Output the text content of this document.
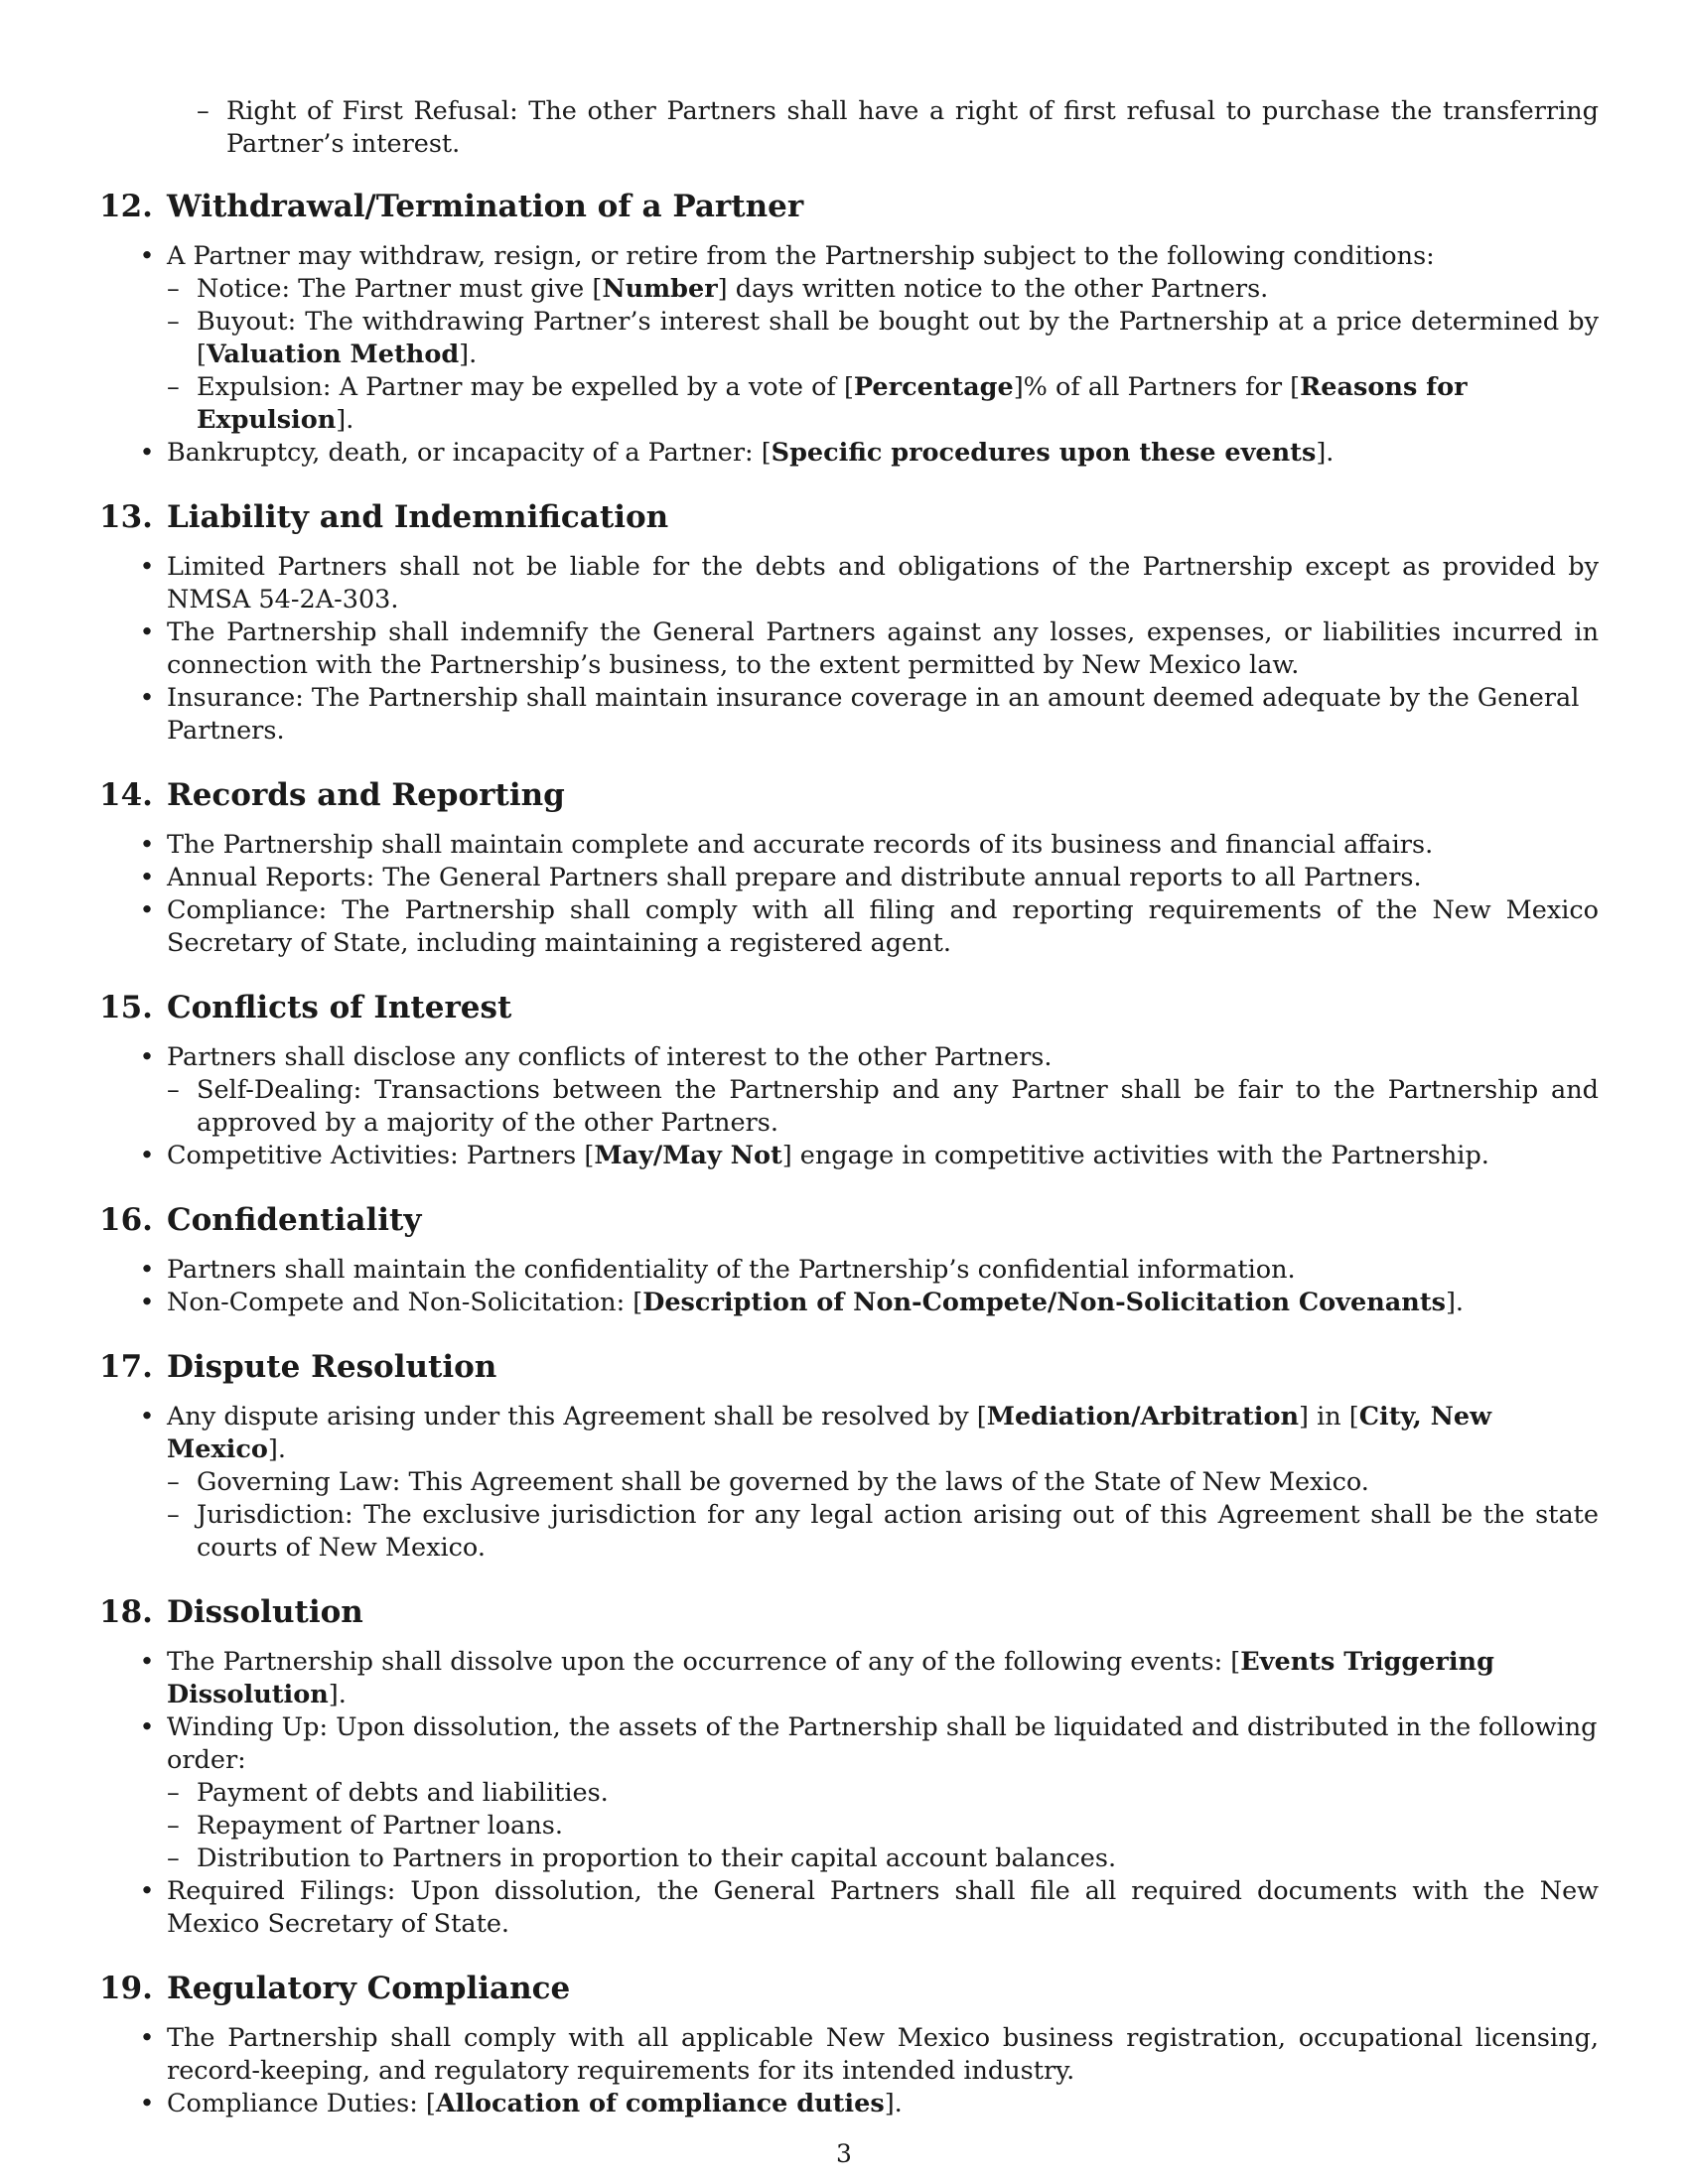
– Right of First Refusal: The other Partners shall have a right of first refusal to purchase the transferring Partner’s interest.
12. Withdrawal/Termination of a Partner
• A Partner may withdraw, resign, or retire from the Partnership subject to the following conditions:
– Notice: The Partner must give [Number] days written notice to the other Partners.
– Buyout: The withdrawing Partner’s interest shall be bought out by the Partnership at a price determined by [Valuation Method].
– Expulsion: A Partner may be expelled by a vote of [Percentage]% of all Partners for [Reasons for Expulsion].
• Bankruptcy, death, or incapacity of a Partner: [Specific procedures upon these events].
13. Liability and Indemnification
• Limited Partners shall not be liable for the debts and obligations of the Partnership except as provided by NMSA 54-2A-303.
• The Partnership shall indemnify the General Partners against any losses, expenses, or liabilities incurred in connection with the Partnership’s business, to the extent permitted by New Mexico law.
• Insurance: The Partnership shall maintain insurance coverage in an amount deemed adequate by the General Partners.
14. Records and Reporting
• The Partnership shall maintain complete and accurate records of its business and financial affairs.
• Annual Reports: The General Partners shall prepare and distribute annual reports to all Partners.
• Compliance: The Partnership shall comply with all filing and reporting requirements of the New Mexico Secretary of State, including maintaining a registered agent.
15. Conflicts of Interest
• Partners shall disclose any conflicts of interest to the other Partners.
– Self-Dealing: Transactions between the Partnership and any Partner shall be fair to the Partnership and approved by a majority of the other Partners.
• Competitive Activities: Partners [May/May Not] engage in competitive activities with the Partnership.
16. Confidentiality
• Partners shall maintain the confidentiality of the Partnership’s confidential information.
• Non-Compete and Non-Solicitation: [Description of Non-Compete/Non-Solicitation Covenants].
17. Dispute Resolution
• Any dispute arising under this Agreement shall be resolved by [Mediation/Arbitration] in [City, New Mexico].
– Governing Law: This Agreement shall be governed by the laws of the State of New Mexico.
– Jurisdiction: The exclusive jurisdiction for any legal action arising out of this Agreement shall be the state courts of New Mexico.
18. Dissolution
• The Partnership shall dissolve upon the occurrence of any of the following events: [Events Triggering Dissolution].
• Winding Up: Upon dissolution, the assets of the Partnership shall be liquidated and distributed in the following order:
– Payment of debts and liabilities.
– Repayment of Partner loans.
– Distribution to Partners in proportion to their capital account balances.
• Required Filings: Upon dissolution, the General Partners shall file all required documents with the New Mexico Secretary of State.
19. Regulatory Compliance
• The Partnership shall comply with all applicable New Mexico business registration, occupational licensing, record-keeping, and regulatory requirements for its intended industry.
• Compliance Duties: [Allocation of compliance duties].
3
